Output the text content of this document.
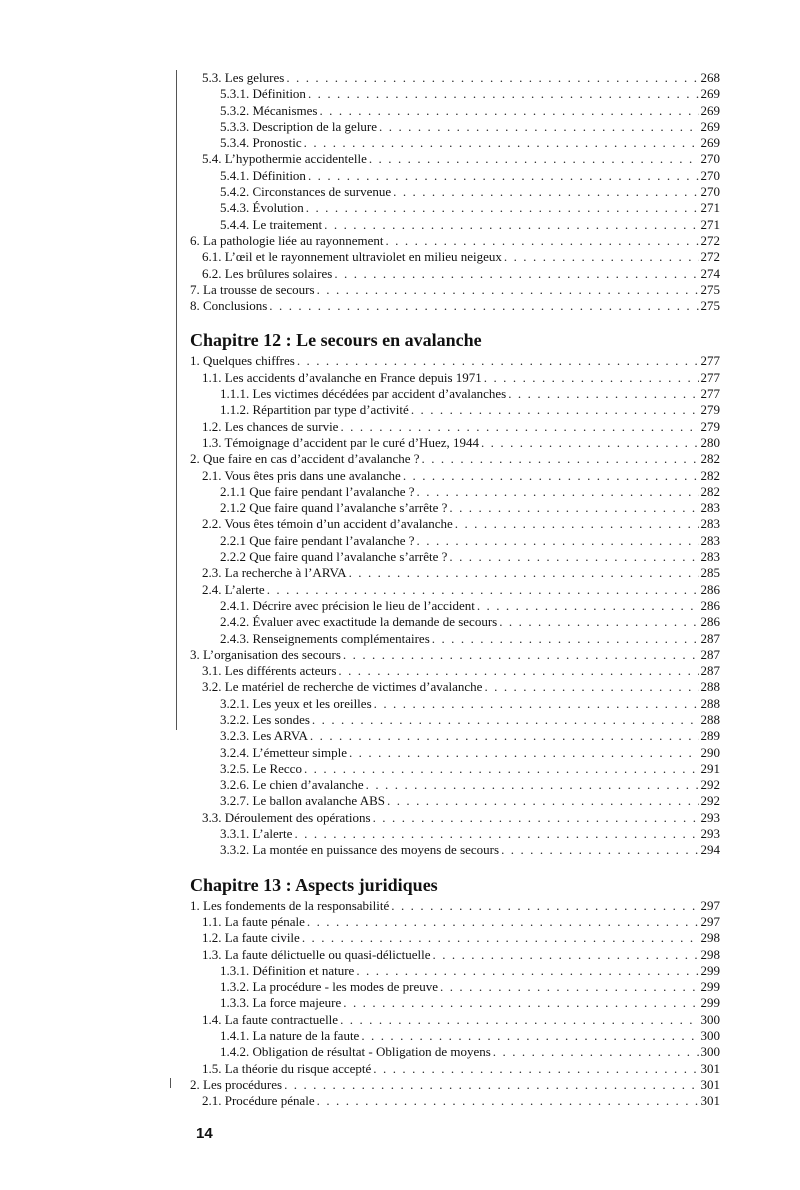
5.3. Les gelures . . .	268
5.3.1. Définition . . .	269
5.3.2. Mécanismes . . .	269
5.3.3. Description de la gelure . . .	269
5.3.4. Pronostic . . .	269
5.4. L’hypothermie accidentelle . . .	270
5.4.1. Définition . . .	270
5.4.2. Circonstances de survenue . . .	270
5.4.3. Évolution . . .	271
5.4.4. Le traitement . . .	271
6. La pathologie liée au rayonnement . . .	272
6.1. L’œil et le rayonnement ultraviolet en milieu neigeux . . .	272
6.2. Les brûlures solaires . . .	274
7. La trousse de secours . . .	275
8. Conclusions . . .	275
Chapitre 12 : Le secours en avalanche
1. Quelques chiffres . . .	277
1.1. Les accidents d’avalanche en France depuis 1971 . . .	277
1.1.1. Les victimes décédées par accident d’avalanches . . .	277
1.1.2. Répartition par type d’activité . . .	279
1.2. Les chances de survie . . .	279
1.3. Témoignage d’accident par le curé d’Huez, 1944 . . .	280
2. Que faire en cas d’accident d’avalanche ? . . .	282
2.1. Vous êtes pris dans une avalanche . . .	282
2.1.1 Que faire pendant l’avalanche ? . . .	282
2.1.2 Que faire quand l’avalanche s’arrête ? . . .	283
2.2. Vous êtes témoin d’un accident d’avalanche . . .	283
2.2.1 Que faire pendant l’avalanche ? . . .	283
2.2.2 Que faire quand l’avalanche s’arrête ? . . .	283
2.3. La recherche à l’ARVA . . .	285
2.4. L’alerte . . .	286
2.4.1. Décrire avec précision le lieu de l’accident . . .	286
2.4.2. Évaluer avec exactitude la demande de secours . . .	286
2.4.3. Renseignements complémentaires . . .	287
3. L’organisation des secours . . .	287
3.1. Les différents acteurs . . .	287
3.2. Le matériel de recherche de victimes d’avalanche . . .	288
3.2.1. Les yeux et les oreilles . . .	288
3.2.2. Les sondes . . .	288
3.2.3. Les ARVA . . .	289
3.2.4. L’émetteur simple . . .	290
3.2.5. Le Recco . . .	291
3.2.6. Le chien d’avalanche . . .	292
3.2.7. Le ballon avalanche ABS . . .	292
3.3. Déroulement des opérations . . .	293
3.3.1. L’alerte . . .	293
3.3.2. La montée en puissance des moyens de secours . . .	294
Chapitre 13 : Aspects juridiques
1. Les fondements de la responsabilité . . .	297
1.1. La faute pénale . . .	297
1.2. La faute civile . . .	298
1.3. La faute délictuelle ou quasi-délictuelle . . .	298
1.3.1. Définition et nature . . .	299
1.3.2. La procédure - les modes de preuve . . .	299
1.3.3. La force majeure . . .	299
1.4. La faute contractuelle . . .	300
1.4.1. La nature de la faute . . .	300
1.4.2. Obligation de résultat - Obligation de moyens . . .	300
1.5. La théorie du risque accepté . . .	301
2. Les procédures . . .	301
2.1. Procédure pénale . . .	301
14
